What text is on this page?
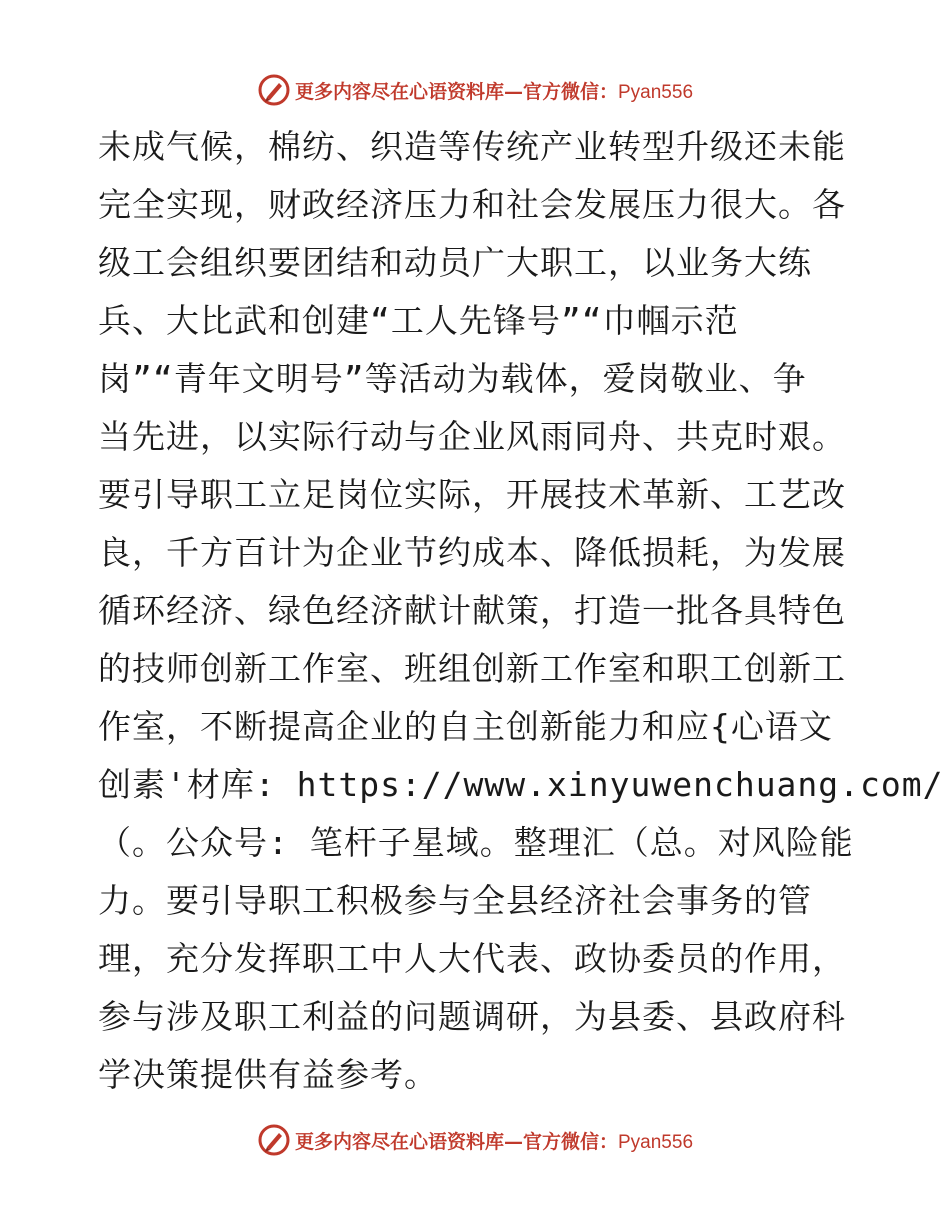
更多内容尽在心语资料库—官方微信：Pyan556
未成气候，棉纺、织造等传统产业转型升级还未能
完全实现，财政经济压力和社会发展压力很大。各
级工会组织要团结和动员广大职工，以业务大练
兵、大比武和创建“工人先锋号”“巾帼示范
岗”“青年文明号”等活动为载体，爱岗敬业、争
当先进，以实际行动与企业风雨同舟、共克时艰。
要引导职工立足岗位实际，开展技术革新、工艺改
良，千方百计为企业节约成本、降低损耗，为发展
循环经济、绿色经济献计献策，打造一批各具特色
的技师创新工作室、班组创新工作室和职工创新工
作室，不断提高企业的自主创新能力和应{心语文
创素'材库: https://www.xinyuwenchuang.com/
（。公众号: 笔杆子星域。整理汇（总。对风险能
力。要引导职工积极参与全县经济社会事务的管
理，充分发挥职工中人大代表、政协委员的作用，
参与涉及职工利益的问题调研，为县委、县政府科
学决策提供有益参考。
更多内容尽在心语资料库—官方微信：Pyan556
